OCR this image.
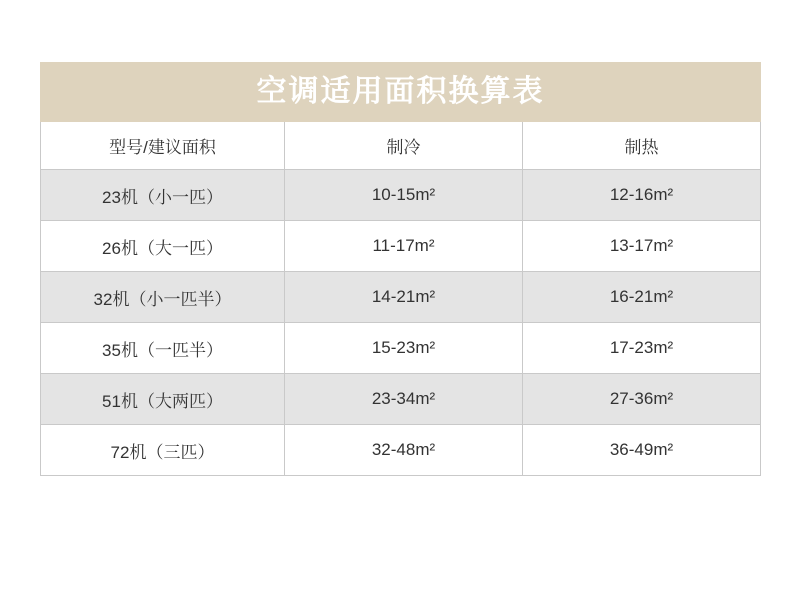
空调适用面积换算表		
型号/建议面积	制冷	制热
23机（小一匹）	10-15m²	12-16m²
26机（大一匹）	11-17m²	13-17m²
32机（小一匹半）	14-21m²	16-21m²
35机（一匹半）	15-23m²	17-23m²
51机（大两匹）	23-34m²	27-36m²
72机（三匹）	32-48m²	36-49m²
